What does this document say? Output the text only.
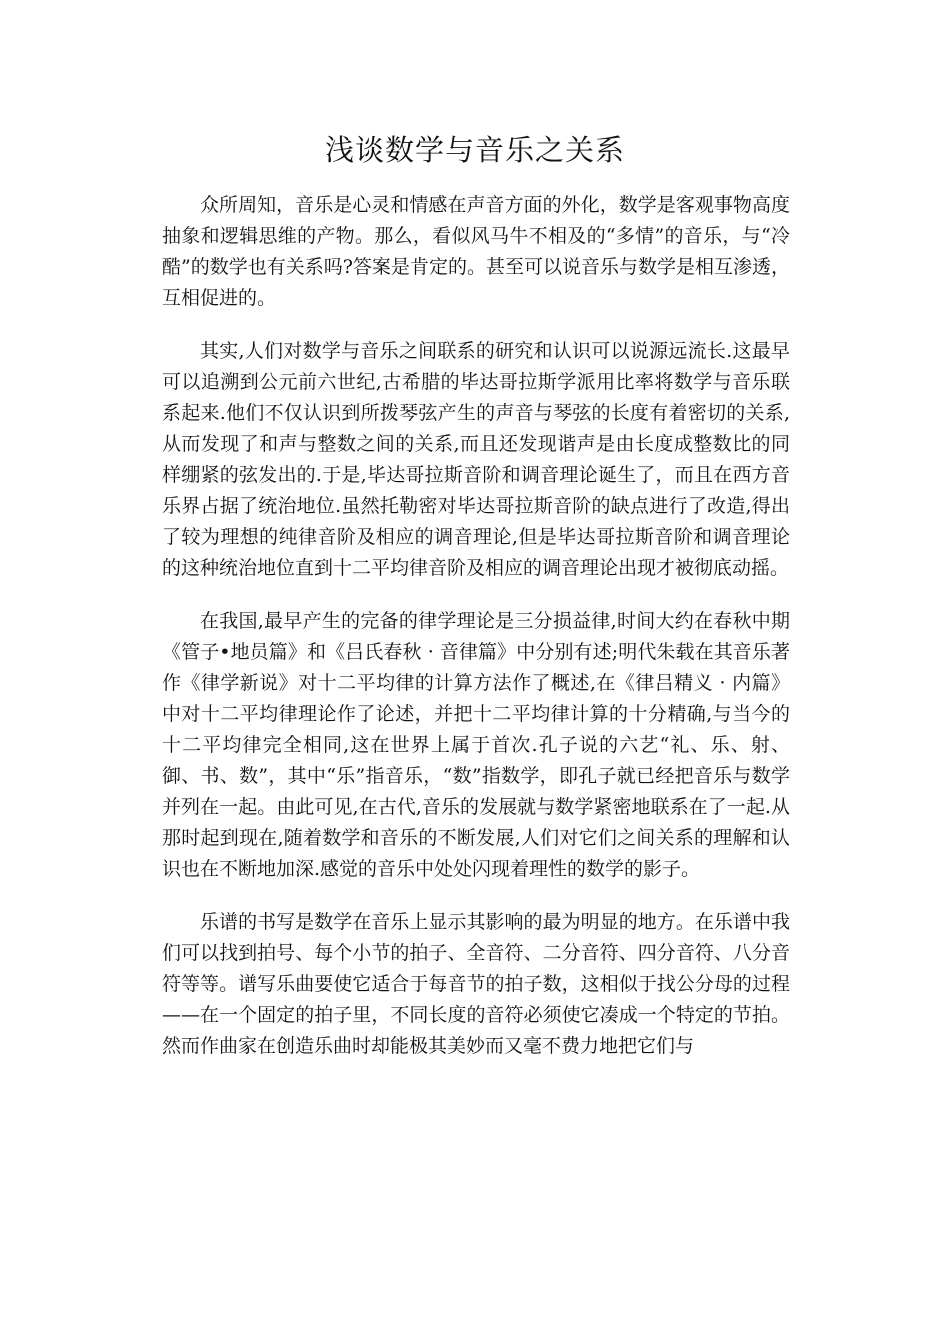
浅谈数学与音乐之关系

众所周知，音乐是心灵和情感在声音方面的外化，数学是客观事物高度抽象和逻辑思维的产物。那么，看似风马牛不相及的“多情”的音乐，与“冷酷”的数学也有关系吗?答案是肯定的。甚至可以说音乐与数学是相互渗透，互相促进的。

其实,人们对数学与音乐之间联系的研究和认识可以说源远流长.这最早可以追溯到公元前六世纪,古希腊的毕达哥拉斯学派用比率将数学与音乐联系起来.他们不仅认识到所拨琴弦产生的声音与琴弦的长度有着密切的关系,从而发现了和声与整数之间的关系,而且还发现谐声是由长度成整数比的同样绷紧的弦发出的.于是,毕达哥拉斯音阶和调音理论诞生了，而且在西方音乐界占据了统治地位.虽然托勒密对毕达哥拉斯音阶的缺点进行了改造,得出了较为理想的纯律音阶及相应的调音理论,但是毕达哥拉斯音阶和调音理论的这种统治地位直到十二平均律音阶及相应的调音理论出现才被彻底动摇。

在我国,最早产生的完备的律学理论是三分损益律,时间大约在春秋中期《管子•地员篇》和《吕氏春秋 · 音律篇》中分别有述;明代朱载在其音乐著作《律学新说》对十二平均律的计算方法作了概述,在《律吕精义 · 内篇》中对十二平均律理论作了论述，并把十二平均律计算的十分精确,与当今的十二平均律完全相同,这在世界上属于首次.孔子说的六艺“礼、乐、射、御、书、数”，其中“乐”指音乐，“数”指数学，即孔子就已经把音乐与数学并列在一起。由此可见,在古代,音乐的发展就与数学紧密地联系在了一起.从那时起到现在,随着数学和音乐的不断发展,人们对它们之间关系的理解和认识也在不断地加深.感觉的音乐中处处闪现着理性的数学的影子。

乐谱的书写是数学在音乐上显示其影响的最为明显的地方。在乐谱中我们可以找到拍号、每个小节的拍子、全音符、二分音符、四分音符、八分音符等等。谱写乐曲要使它适合于每音节的拍子数，这相似于找公分母的过程——在一个固定的拍子里，不同长度的音符必须使它凑成一个特定的节拍。然而作曲家在创造乐曲时却能极其美妙而又毫不费力地把它们与
